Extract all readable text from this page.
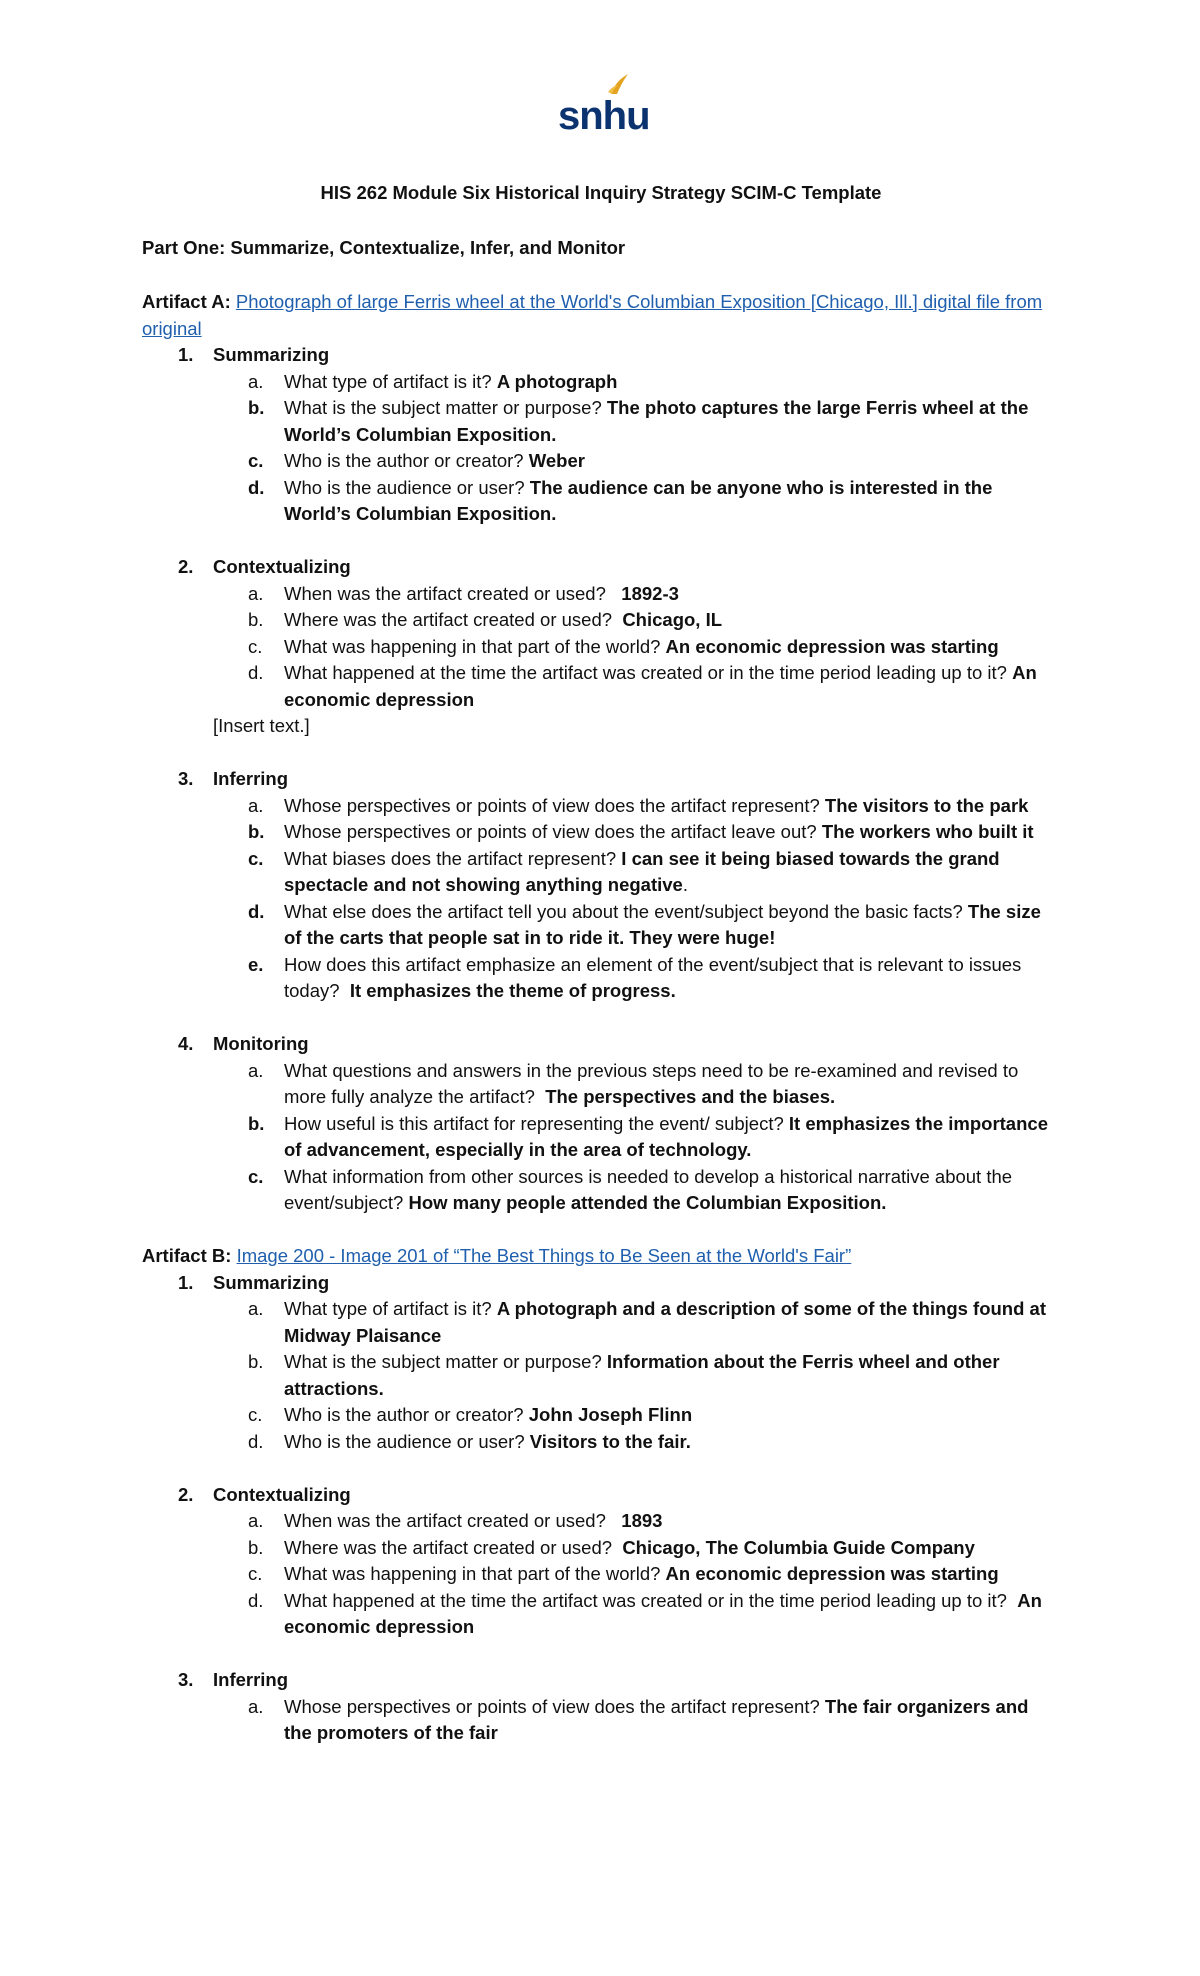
snhu

HIS 262 Module Six Historical Inquiry Strategy SCIM-C Template

Part One: Summarize, Contextualize, Infer, and Monitor

Artifact A: Photograph of large Ferris wheel at the World's Columbian Exposition [Chicago, Ill.] digital file from original

1. Summarizing
a. What type of artifact is it? A photograph
b. What is the subject matter or purpose? The photo captures the large Ferris wheel at the World’s Columbian Exposition.
c. Who is the author or creator? Weber
d. Who is the audience or user? The audience can be anyone who is interested in the World’s Columbian Exposition.
2. Contextualizing
a. When was the artifact created or used?   1892-3
b. Where was the artifact created or used?  Chicago, IL
c. What was happening in that part of the world? An economic depression was starting
d. What happened at the time the artifact was created or in the time period leading up to it? An economic depression

[Insert text.]

3. Inferring
a. Whose perspectives or points of view does the artifact represent? The visitors to the park
b. Whose perspectives or points of view does the artifact leave out? The workers who built it
c. What biases does the artifact represent? I can see it being biased towards the grand spectacle and not showing anything negative.
d. What else does the artifact tell you about the event/subject beyond the basic facts? The size of the carts that people sat in to ride it. They were huge!
e. How does this artifact emphasize an element of the event/subject that is relevant to issues today?  It emphasizes the theme of progress.
4. Monitoring
a. What questions and answers in the previous steps need to be re-examined and revised to more fully analyze the artifact?  The perspectives and the biases.
b. How useful is this artifact for representing the event/ subject? It emphasizes the importance of advancement, especially in the area of technology.
c. What information from other sources is needed to develop a historical narrative about the event/subject? How many people attended the Columbian Exposition.

Artifact B: Image 200 - Image 201 of “The Best Things to Be Seen at the World's Fair”

1. Summarizing
a. What type of artifact is it? A photograph and a description of some of the things found at Midway Plaisance
b. What is the subject matter or purpose? Information about the Ferris wheel and other attractions.
c. Who is the author or creator? John Joseph Flinn
d. Who is the audience or user? Visitors to the fair.
2. Contextualizing
a. When was the artifact created or used?   1893
b. Where was the artifact created or used?  Chicago, The Columbia Guide Company
c. What was happening in that part of the world? An economic depression was starting
d. What happened at the time the artifact was created or in the time period leading up to it?  An economic depression
3. Inferring
a. Whose perspectives or points of view does the artifact represent? The fair organizers and the promoters of the fair
